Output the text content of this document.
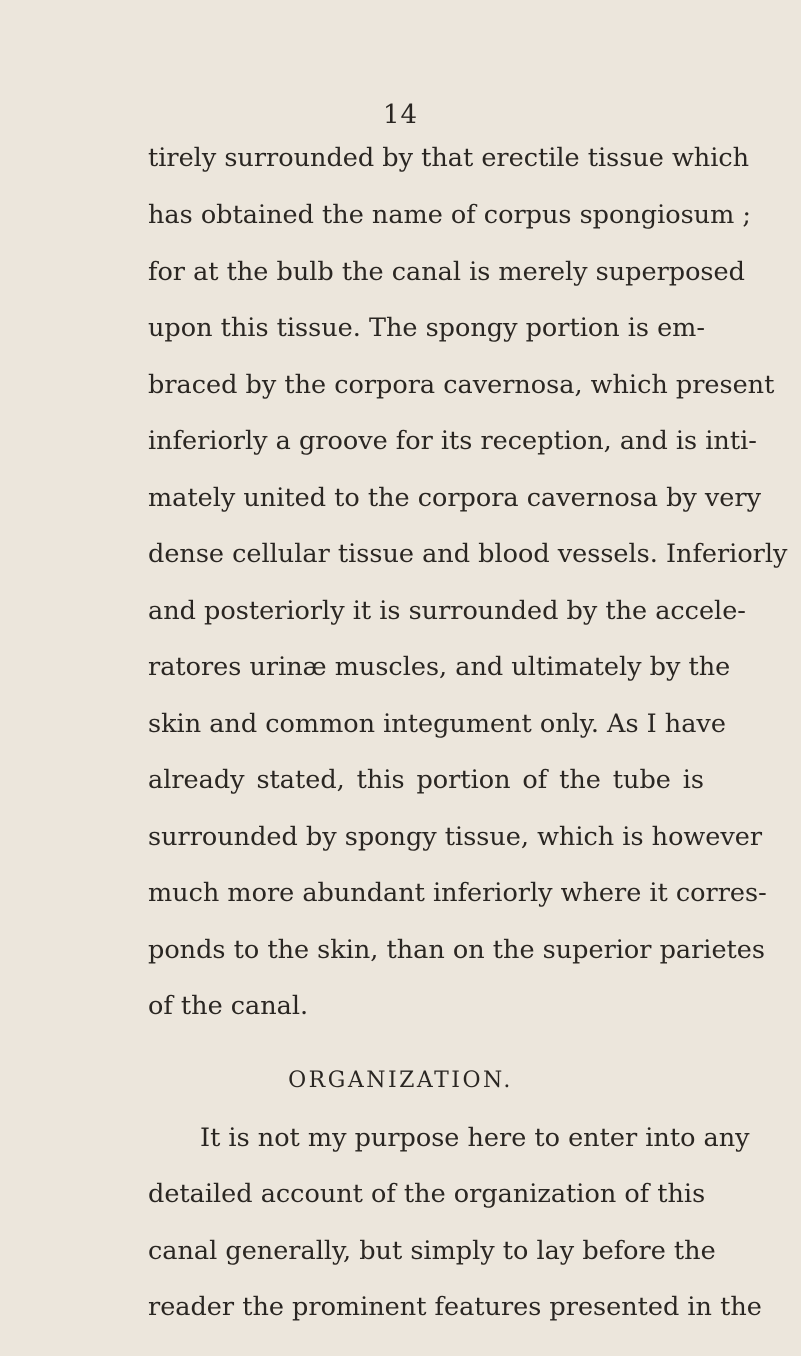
14
tirely surrounded by that erectile tissue which
has obtained the name of corpus spongiosum ;
for at the bulb the canal is merely superposed
upon this tissue. The spongy portion is em-
braced by the corpora cavernosa, which present
inferiorly a groove for its reception, and is inti-
mately united to the corpora cavernosa by very
dense cellular tissue and blood vessels. Inferiorly
and posteriorly it is surrounded by the accele-
ratores urinæ muscles, and ultimately by the
skin and common integument only. As I have
already stated, this portion of the tube is
surrounded by spongy tissue, which is however
much more abundant inferiorly where it corres-
ponds to the skin, than on the superior parietes
of the canal.
ORGANIZATION.
It is not my purpose here to enter into any
detailed account of the organization of this
canal generally, but simply to lay before the
reader the prominent features presented in the
